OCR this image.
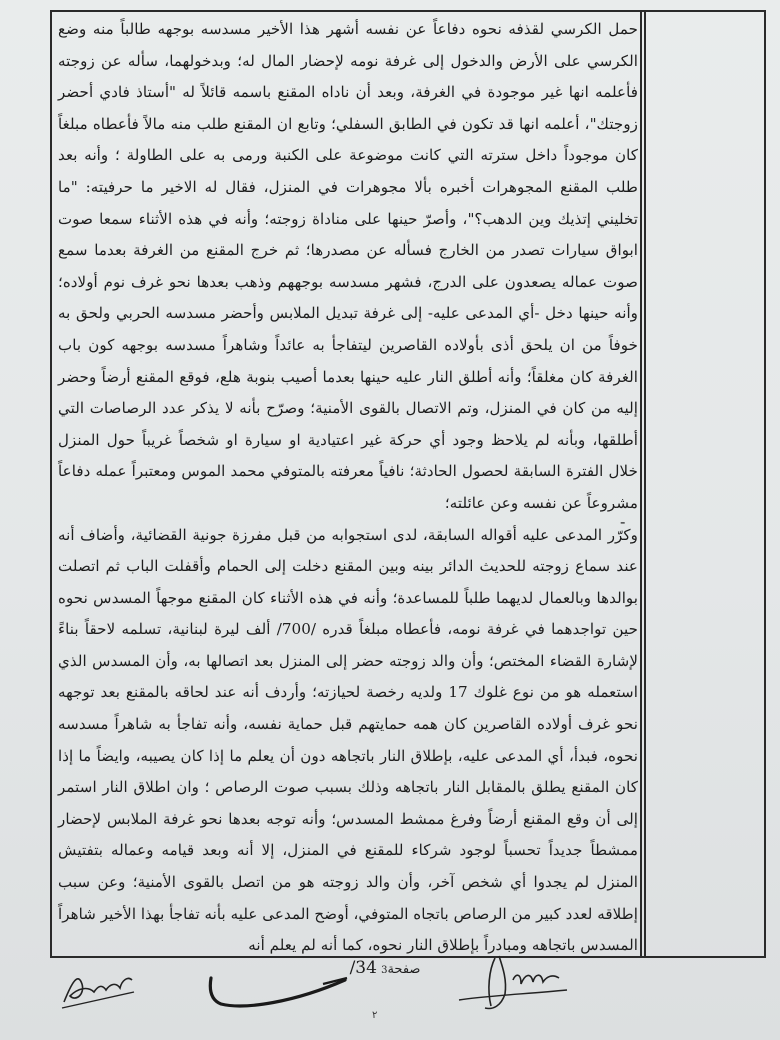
حمل الكرسي لقذفه نحوه دفاعاً عن نفسه أشهر هذا الأخير مسدسه بوجهه طالباً منه وضع الكرسي على الأرض والدخول إلى غرفة نومه لإحضار المال له؛ وبدخولهما، سأله عن زوجته فأعلمه انها غير موجودة في الغرفة، وبعد أن ناداه المقنع باسمه قائلاً له "أستاذ فادي أحضر زوجتك"، أعلمه انها قد تكون في الطابق السفلي؛ وتابع ان المقنع طلب منه مالاً فأعطاه مبلغاً كان موجوداً داخل سترته التي كانت موضوعة على الكنبة ورمى به على الطاولة ؛ وأنه بعد طلب المقنع المجوهرات أخبره بألا مجوهرات في المنزل، فقال له الاخير ما حرفيته: "ما تخليني إتذيك وين الدهب؟"، وأصرّ حينها على مناداة زوجته؛ وأنه في هذه الأثناء سمعا صوت ابواق سيارات تصدر من الخارج فسأله عن مصدرها؛ ثم خرج المقنع من الغرفة بعدما سمع صوت عماله يصعدون على الدرج، فشهر مسدسه بوجههم وذهب بعدها نحو غرف نوم أولاده؛ وأنه حينها دخل -أي المدعى عليه- إلى غرفة تبديل الملابس وأحضر مسدسه الحربي ولحق به خوفاً من ان يلحق أذى بأولاده القاصرين ليتفاجأ به عائداً وشاهراً مسدسه بوجهه كون باب الغرفة كان مغلقاً؛ وأنه أطلق النار عليه حينها بعدما أصيب بنوبة هلع، فوقع المقنع أرضاً وحضر إليه من كان في المنزل، وتم الاتصال بالقوى الأمنية؛ وصرّح بأنه لا يذكر عدد الرصاصات التي أطلقها، وبأنه لم يلاحظ وجود أي حركة غير اعتيادية او سيارة او شخصاً غريباً حول المنزل خلال الفترة السابقة لحصول الحادثة؛ نافياً معرفته بالمتوفي محمد الموس ومعتبراً عمله دفاعاً مشروعاً عن نفسه وعن عائلته؛

وكرّر المدعى عليه أقواله السابقة، لدى استجوابه من قبل مفرزة جونية القضائية، وأضاف أنه عند سماع زوجته للحديث الدائر بينه وبين المقنع دخلت إلى الحمام وأقفلت الباب ثم اتصلت بوالدها وبالعمال لديهما طلباً للمساعدة؛ وأنه في هذه الأثناء كان المقنع موجهاً المسدس نحوه حين تواجدهما في غرفة نومه، فأعطاه مبلغاً قدره /700/ ألف ليرة لبنانية، تسلمه لاحقاً بناءً لإشارة القضاء المختص؛ وأن والد زوجته حضر إلى المنزل بعد اتصالها به، وأن المسدس الذي استعمله هو من نوع غلوك 17 ولديه رخصة لحيازته؛ وأردف أنه عند لحاقه بالمقنع بعد توجهه نحو غرف أولاده القاصرين كان همه حمايتهم قبل حماية نفسه، وأنه تفاجأ به شاهراً مسدسه نحوه، فبدأ، أي المدعى عليه، بإطلاق النار باتجاهه دون أن يعلم ما إذا كان يصيبه، وايضاً ما إذا كان المقنع يطلق بالمقابل النار باتجاهه وذلك بسبب صوت الرصاص ؛ وان اطلاق النار استمر إلى أن وقع المقنع أرضاً وفرغ ممشط المسدس؛ وأنه توجه بعدها نحو غرفة الملابس لإحضار ممشطاً جديداً تحسباً لوجود شركاء للمقنع في المنزل، إلا أنه وبعد قيامه وعماله بتفتيش المنزل لم يجدوا أي شخص آخر، وأن والد زوجته هو من اتصل بالقوى الأمنية؛ وعن سبب إطلاقه لعدد كبير من الرصاص باتجاه المتوفي، أوضح المدعى عليه بأنه تفاجأ بهذا الأخير شاهراً المسدس باتجاهه ومبادراً بإطلاق النار نحوه، كما أنه لم يعلم أنه

-
صفحة3 34/
٢
